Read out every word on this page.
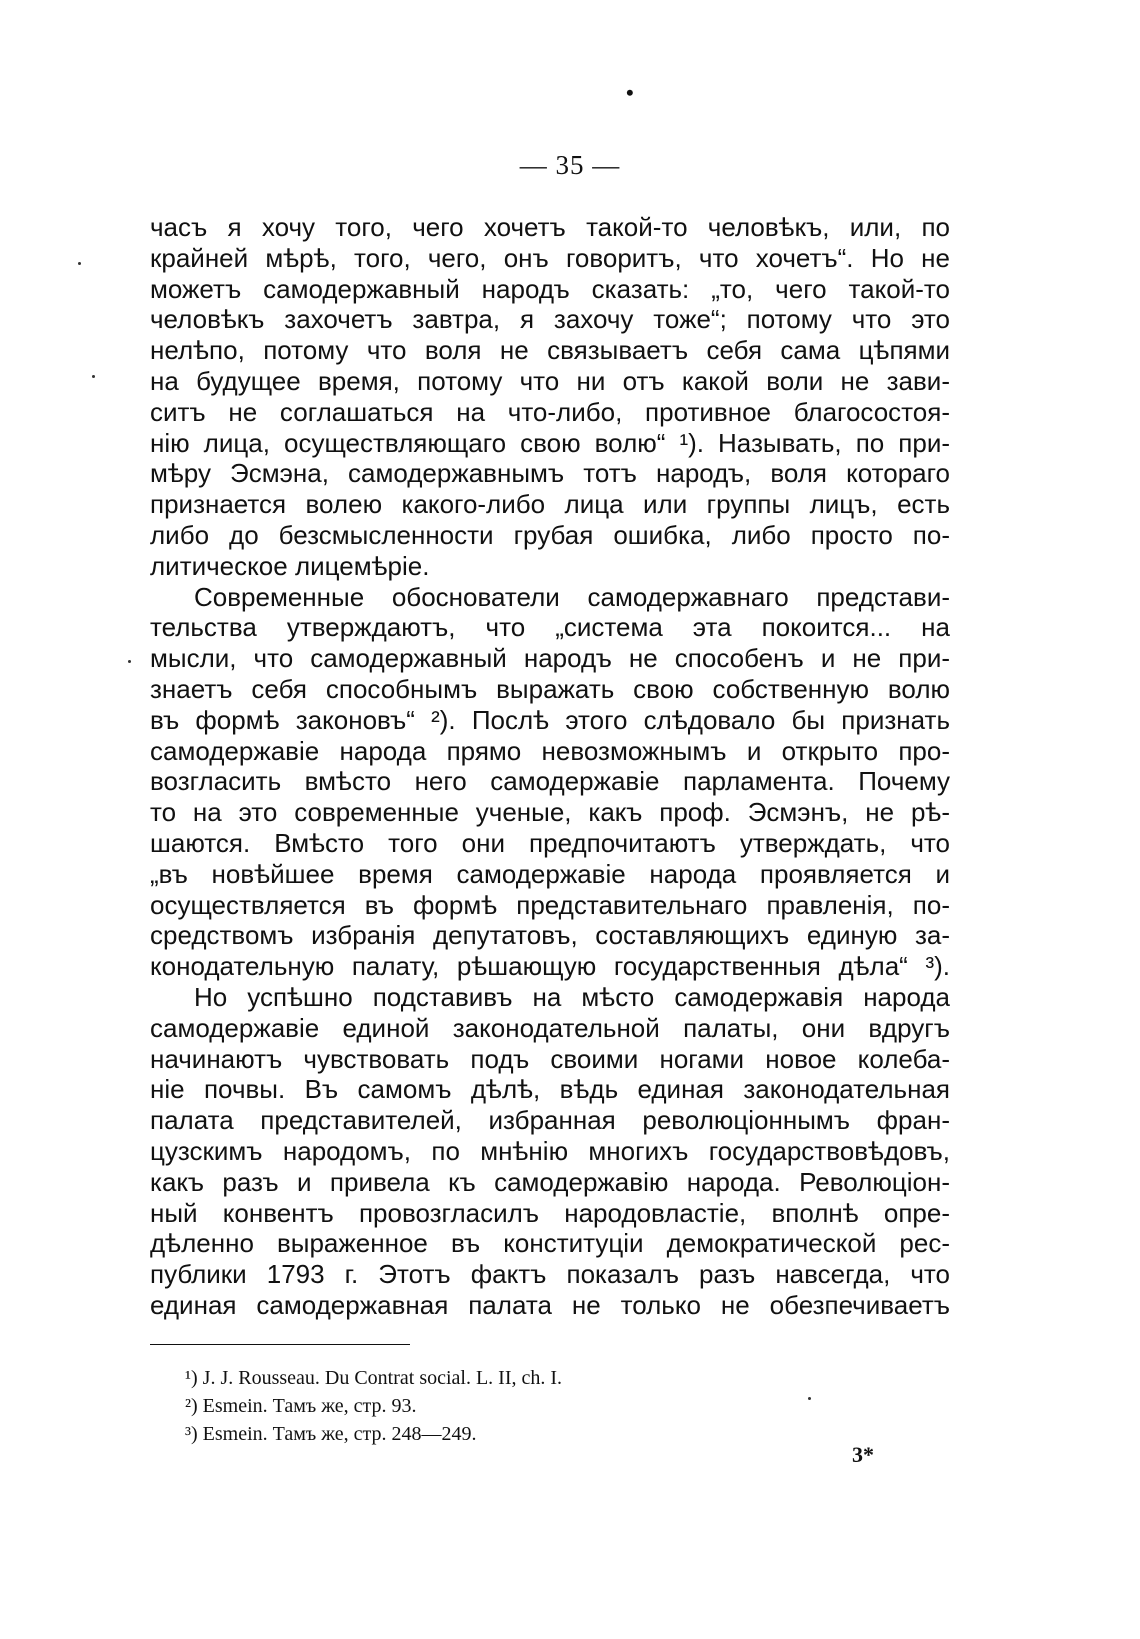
•
— 35 —
часъ я хочу того, чего хочетъ такой-то человѣкъ, или, по
крайней мѣрѣ, того, чего, онъ говоритъ, что хочетъ“. Но не
можетъ самодержавный народъ сказать: „то, чего такой-то
человѣкъ захочетъ завтра, я захочу тоже“; потому что это
нелѣпо, потому что воля не связываетъ себя сама цѣпями
на будущее время, потому что ни отъ какой воли не зави-
ситъ не соглашаться на что-либо, противное благосостоя-
нію лица, осуществляющаго свою волю“ ¹). Называть, по при-
мѣру Эсмэна, самодержавнымъ тотъ народъ, воля котораго
признается волею какого-либо лица или группы лицъ, есть
либо до безсмысленности грубая ошибка, либо просто по-
литическое лицемѣріе.
Современные обоснователи самодержавнаго представи-
тельства утверждаютъ, что „система эта покоится... на
мысли, что самодержавный народъ не способенъ и не при-
знаетъ себя способнымъ выражать свою собственную волю
въ формѣ законовъ“ ²). Послѣ этого слѣдовало бы признать
самодержавіе народа прямо невозможнымъ и открыто про-
возгласить вмѣсто него самодержавіе парламента. Почему
то на это современные ученые, какъ проф. Эсмэнъ, не рѣ-
шаются. Вмѣсто того они предпочитаютъ утверждать, что
„въ новѣйшее время самодержавіе народа проявляется и
осуществляется въ формѣ представительнаго правленія, по-
средствомъ избранія депутатовъ, составляющихъ единую за-
конодательную палату, рѣшающую государственныя дѣла“ ³).
Но успѣшно подставивъ на мѣсто самодержавія народа
самодержавіе единой законодательной палаты, они вдругъ
начинаютъ чувствовать подъ своими ногами новое колеба-
ніе почвы. Въ самомъ дѣлѣ, вѣдь единая законодательная
палата представителей, избранная революціоннымъ фран-
цузскимъ народомъ, по мнѣнію многихъ государствовѣдовъ,
какъ разъ и привела къ самодержавію народа. Революціон-
ный конвентъ провозгласилъ народовластіе, вполнѣ опре-
дѣленно выраженное въ конституціи демократической рес-
публики 1793 г. Этотъ фактъ показалъ разъ навсегда, что
единая самодержавная палата не только не обезпечиваетъ
¹) J. J. Rousseau. Du Contrat social. L. II, ch. I.
²) Esmein. Тамъ же, стр. 93.
³) Esmein. Тамъ же, стр. 248—249.
3*
